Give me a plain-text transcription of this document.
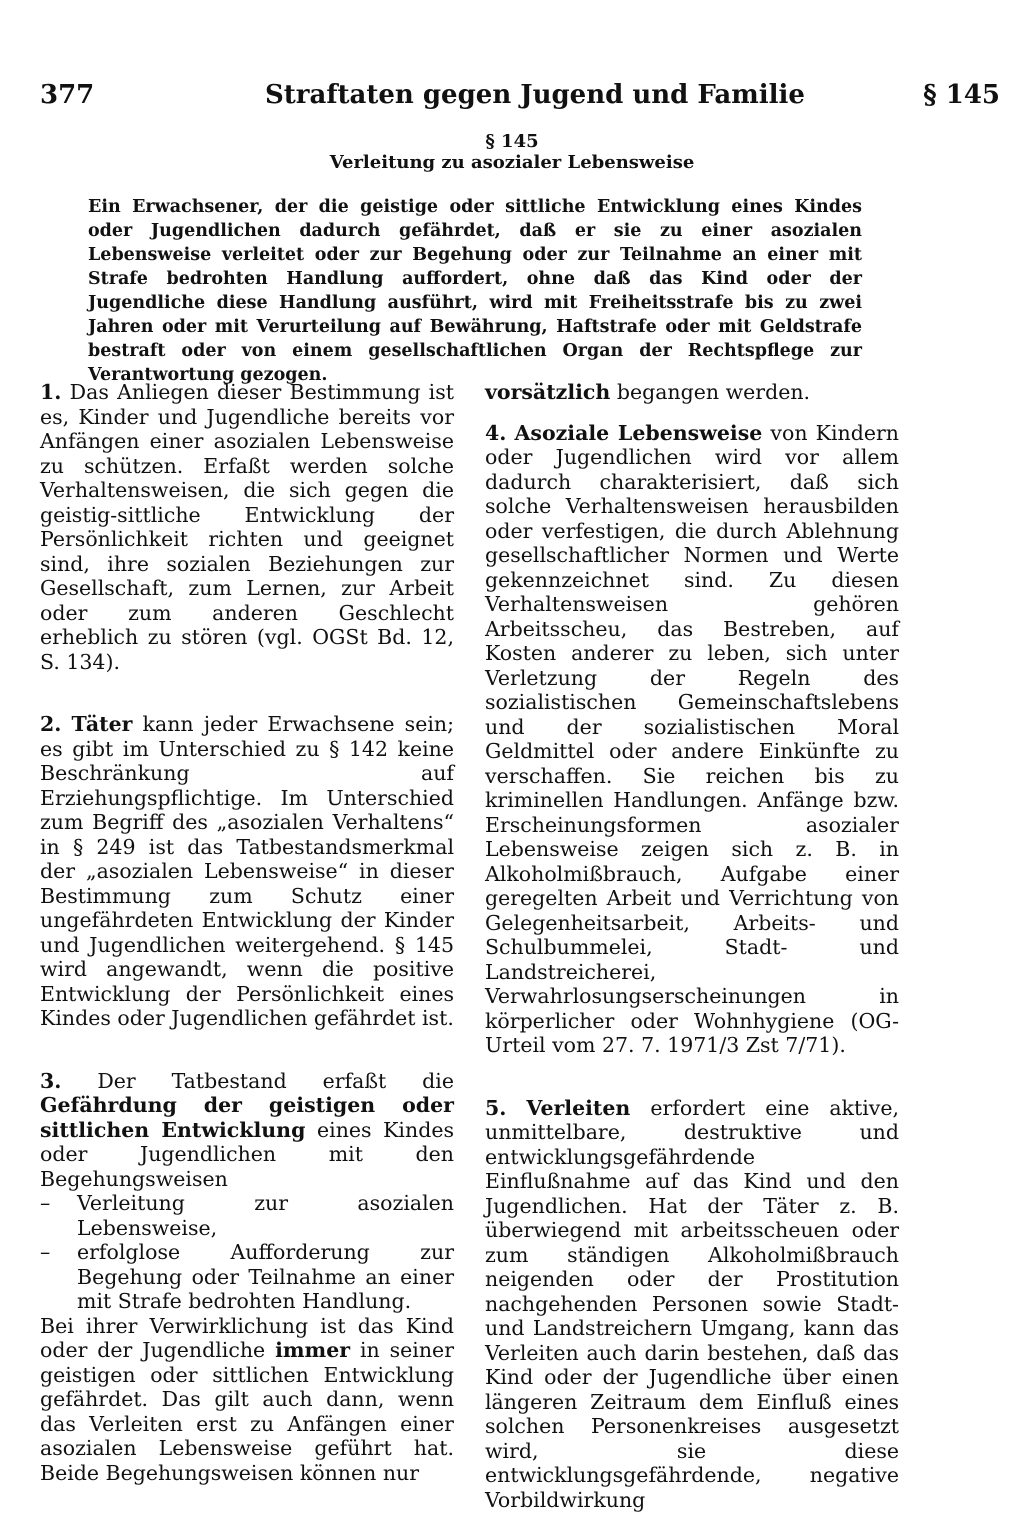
377	Straftaten gegen Jugend und Familie	§ 145
§ 145
Verleitung zu asozialer Lebensweise
Ein Erwachsener, der die geistige oder sittliche Entwicklung eines Kindes oder Jugendlichen dadurch gefährdet, daß er sie zu einer asozialen Lebensweise verleitet oder zur Begehung oder zur Teilnahme an einer mit Strafe bedrohten Handlung auffordert, ohne daß das Kind oder der Jugendliche diese Handlung ausführt, wird mit Freiheitsstrafe bis zu zwei Jahren oder mit Verurteilung auf Bewährung, Haftstrafe oder mit Geldstrafe bestraft oder von einem gesellschaftlichen Organ der Rechtspflege zur Verantwortung gezogen.

1. Das Anliegen dieser Bestimmung ist es, Kinder und Jugendliche bereits vor Anfängen einer asozialen Lebensweise zu schützen. Erfaßt werden solche Verhaltensweisen, die sich gegen die geistig-sittliche Entwicklung der Persönlichkeit richten und geeignet sind, ihre sozialen Beziehungen zur Gesellschaft, zum Lernen, zur Arbeit oder zum anderen Geschlecht erheblich zu stören (vgl. OGSt Bd. 12, S. 134).

2. Täter kann jeder Erwachsene sein; es gibt im Unterschied zu § 142 keine Beschränkung auf Erziehungspflichtige. Im Unterschied zum Begriff des „asozialen Verhaltens“ in § 249 ist das Tatbestandsmerkmal der „asozialen Lebensweise“ in dieser Bestimmung zum Schutz einer ungefährdeten Entwicklung der Kinder und Jugendlichen weitergehend. § 145 wird angewandt, wenn die positive Entwicklung der Persönlichkeit eines Kindes oder Jugendlichen gefährdet ist.

3. Der Tatbestand erfaßt die Gefährdung der geistigen oder sittlichen Entwicklung eines Kindes oder Jugendlichen mit den Begehungsweisen

– Verleitung zur asozialen Lebensweise,
– erfolglose Aufforderung zur Begehung oder Teilnahme an einer mit Strafe bedrohten Handlung.

Bei ihrer Verwirklichung ist das Kind oder der Jugendliche immer in seiner geistigen oder sittlichen Entwicklung gefährdet. Das gilt auch dann, wenn das Verleiten erst zu Anfängen einer asozialen Lebensweise geführt hat. Beide Begehungsweisen können nur

vorsätzlich begangen werden.

4. Asoziale Lebensweise von Kindern oder Jugendlichen wird vor allem dadurch charakterisiert, daß sich solche Verhaltensweisen herausbilden oder verfestigen, die durch Ablehnung gesellschaftlicher Normen und Werte gekennzeichnet sind. Zu diesen Verhaltensweisen gehören Arbeitsscheu, das Bestreben, auf Kosten anderer zu leben, sich unter Verletzung der Regeln des sozialistischen Gemeinschaftslebens und der sozialistischen Moral Geldmittel oder andere Einkünfte zu verschaffen. Sie reichen bis zu kriminellen Handlungen. Anfänge bzw. Erscheinungsformen asozialer Lebensweise zeigen sich z. B. in Alkoholmißbrauch, Aufgabe einer geregelten Arbeit und Verrichtung von Gelegenheitsarbeit, Arbeits- und Schulbummelei, Stadt- und Landstreicherei, Verwahrlosungserscheinungen in körperlicher oder Wohnhygiene (OG-Urteil vom 27. 7. 1971/3 Zst 7/71).

5. Verleiten erfordert eine aktive, unmittelbare, destruktive und entwicklungsgefährdende Einflußnahme auf das Kind und den Jugendlichen. Hat der Täter z. B. überwiegend mit arbeitsscheuen oder zum ständigen Alkoholmißbrauch neigenden oder der Prostitution nachgehenden Personen sowie Stadt- und Landstreichern Umgang, kann das Verleiten auch darin bestehen, daß das Kind oder der Jugendliche über einen längeren Zeitraum dem Einfluß eines solchen Personenkreises ausgesetzt wird, sie diese entwicklungsgefährdende, negative Vorbildwirkung
